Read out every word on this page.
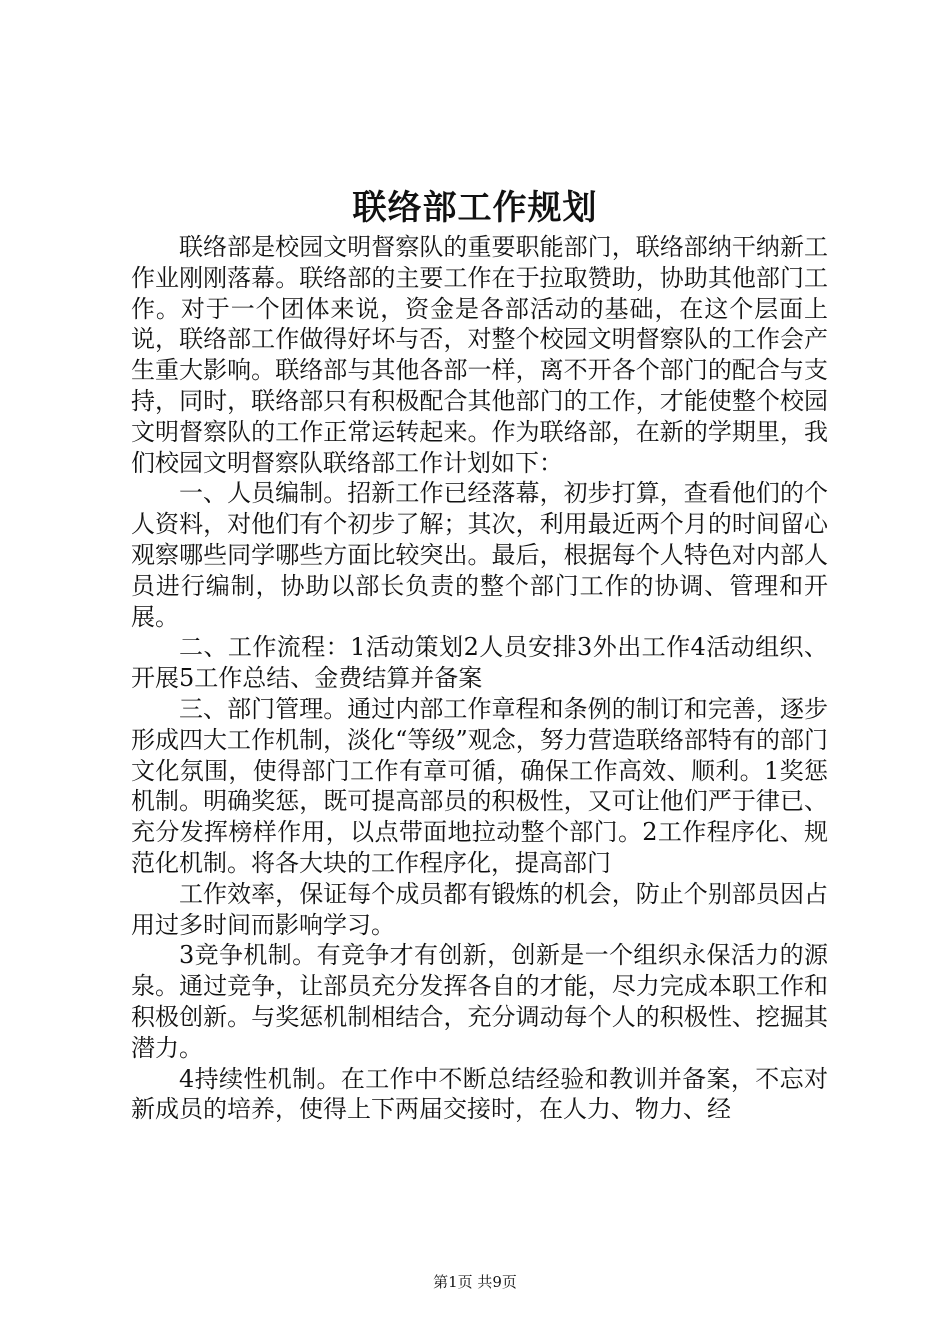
联络部工作规划

联络部是校园文明督察队的重要职能部门，联络部纳干纳新工作业刚刚落幕。联络部的主要工作在于拉取赞助，协助其他部门工作。对于一个团体来说，资金是各部活动的基础，在这个层面上说，联络部工作做得好坏与否，对整个校园文明督察队的工作会产生重大影响。联络部与其他各部一样，离不开各个部门的配合与支持，同时，联络部只有积极配合其他部门的工作，才能使整个校园文明督察队的工作正常运转起来。作为联络部，在新的学期里，我们校园文明督察队联络部工作计划如下：

一、人员编制。招新工作已经落幕，初步打算，查看他们的个人资料，对他们有个初步了解；其次，利用最近两个月的时间留心观察哪些同学哪些方面比较突出。最后，根据每个人特色对内部人员进行编制，协助以部长负责的整个部门工作的协调、管理和开展。

二、工作流程：1活动策划2人员安排3外出工作4活动组织、开展5工作总结、金费结算并备案

三、部门管理。通过内部工作章程和条例的制订和完善，逐步形成四大工作机制，淡化“等级”观念，努力营造联络部特有的部门文化氛围，使得部门工作有章可循，确保工作高效、顺利。1奖惩机制。明确奖惩，既可提高部员的积极性，又可让他们严于律已、充分发挥榜样作用，以点带面地拉动整个部门。2工作程序化、规范化机制。将各大块的工作程序化，提高部门

工作效率，保证每个成员都有锻炼的机会，防止个别部员因占用过多时间而影响学习。

3竞争机制。有竞争才有创新，创新是一个组织永保活力的源泉。通过竞争，让部员充分发挥各自的才能，尽力完成本职工作和积极创新。与奖惩机制相结合，充分调动每个人的积极性、挖掘其潜力。

4持续性机制。在工作中不断总结经验和教训并备案，不忘对新成员的培养，使得上下两届交接时，在人力、物力、经

第1页 共9页
